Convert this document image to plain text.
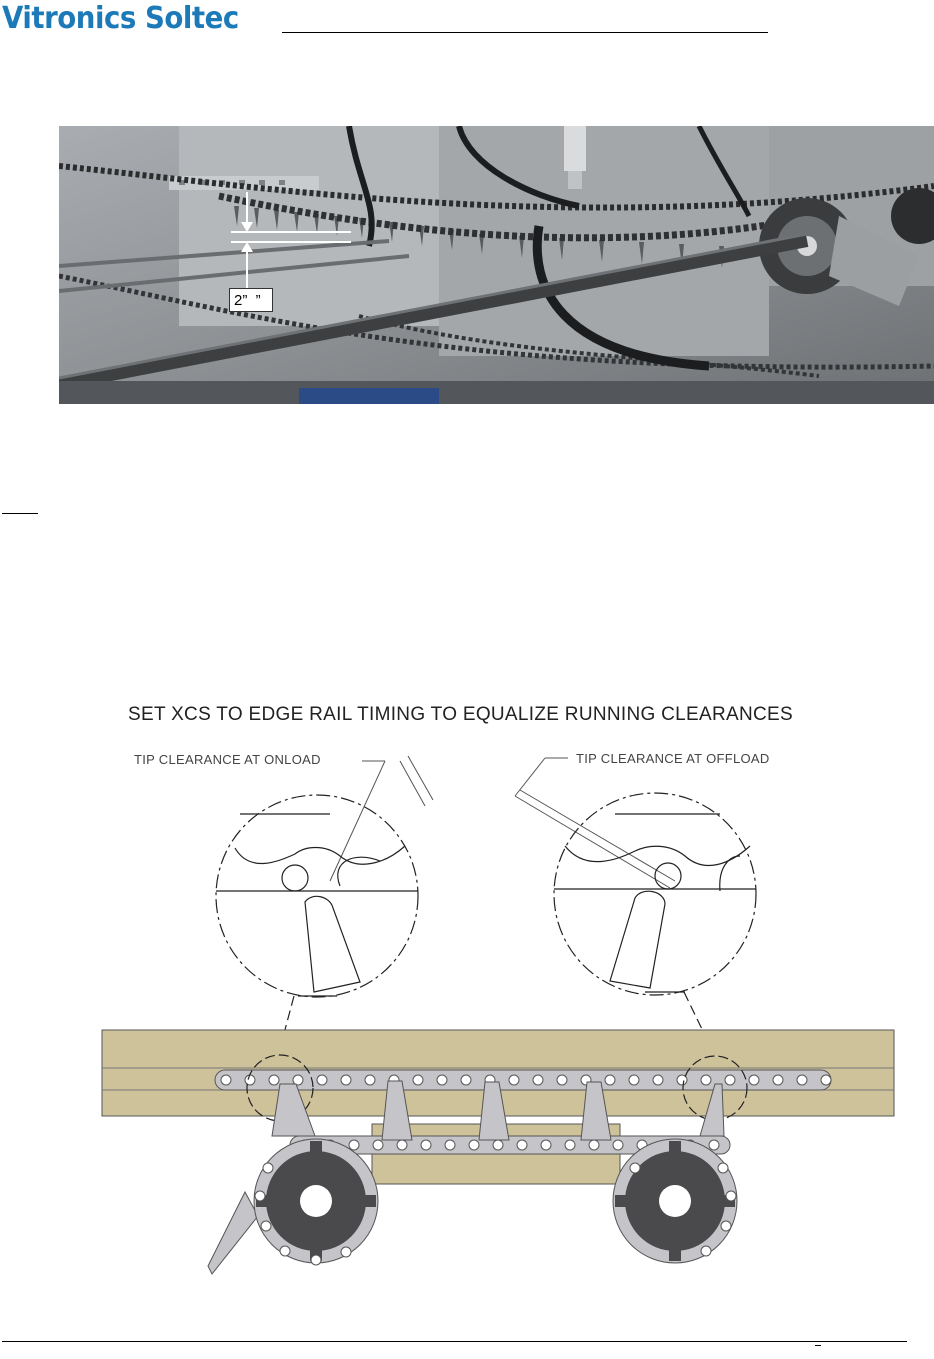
Vitronics Soltec
2”  ”
SET XCS TO EDGE RAIL TIMING TO EQUALIZE RUNNING CLEARANCES
TIP CLEARANCE AT ONLOAD	TIP CLEARANCE AT OFFLOAD
